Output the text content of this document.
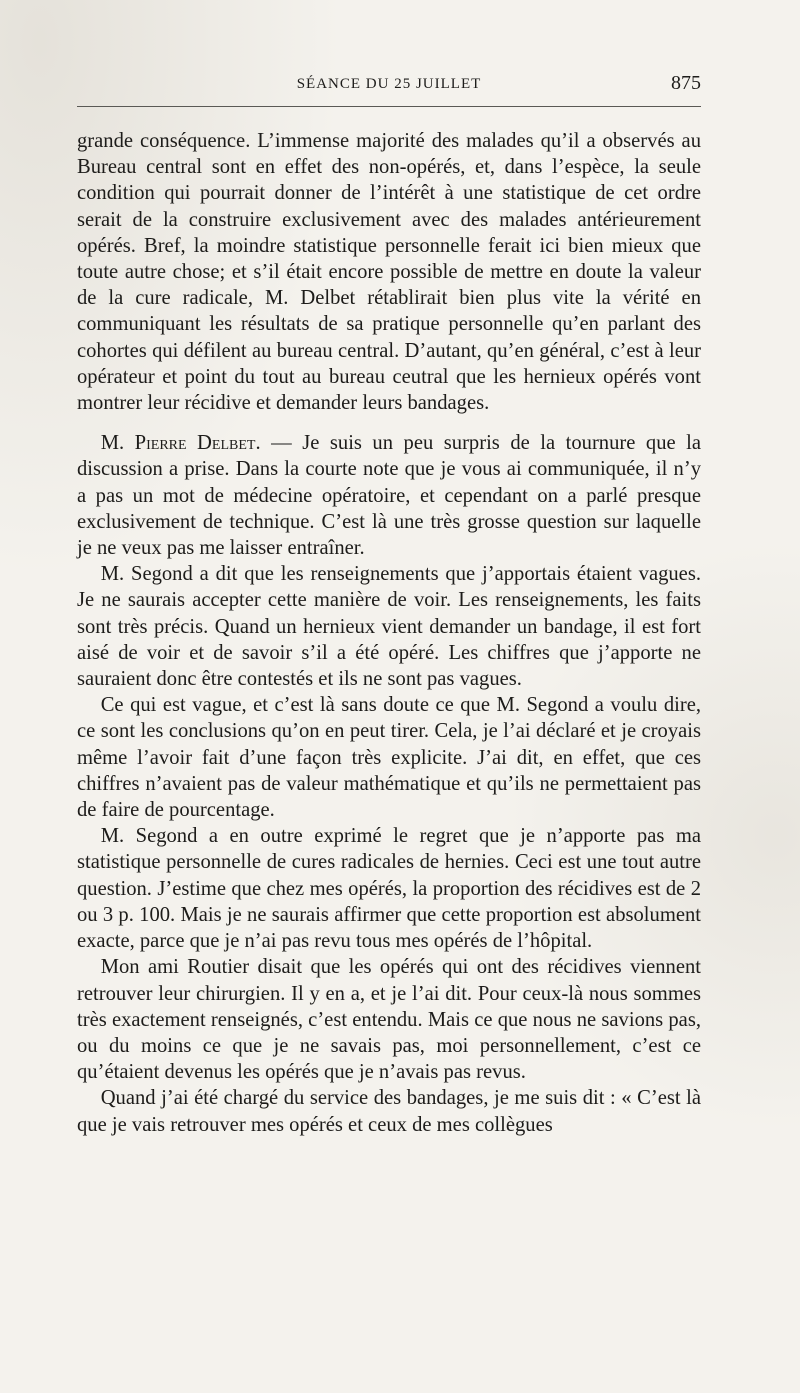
SÉANCE DU 25 JUILLET	875

grande conséquence. L’immense majorité des malades qu’il a observés au Bureau central sont en effet des non-opérés, et, dans l’espèce, la seule condition qui pourrait donner de l’intérêt à une statistique de cet ordre serait de la construire exclusivement avec des malades antérieurement opérés. Bref, la moindre statistique personnelle ferait ici bien mieux que toute autre chose; et s’il était encore possible de mettre en doute la valeur de la cure radicale, M. Delbet rétablirait bien plus vite la vérité en communiquant les résultats de sa pratique personnelle qu’en parlant des cohortes qui défilent au bureau central. D’autant, qu’en général, c’est à leur opérateur et point du tout au bureau ceutral que les hernieux opérés vont montrer leur récidive et demander leurs bandages.

M. Pierre Delbet. — Je suis un peu surpris de la tournure que la discussion a prise. Dans la courte note que je vous ai communiquée, il n’y a pas un mot de médecine opératoire, et cependant on a parlé presque exclusivement de technique. C’est là une très grosse question sur laquelle je ne veux pas me laisser entraîner.

M. Segond a dit que les renseignements que j’apportais étaient vagues. Je ne saurais accepter cette manière de voir. Les renseignements, les faits sont très précis. Quand un hernieux vient demander un bandage, il est fort aisé de voir et de savoir s’il a été opéré. Les chiffres que j’apporte ne sauraient donc être contestés et ils ne sont pas vagues.

Ce qui est vague, et c’est là sans doute ce que M. Segond a voulu dire, ce sont les conclusions qu’on en peut tirer. Cela, je l’ai déclaré et je croyais même l’avoir fait d’une façon très explicite. J’ai dit, en effet, que ces chiffres n’avaient pas de valeur mathématique et qu’ils ne permettaient pas de faire de pourcentage.

M. Segond a en outre exprimé le regret que je n’apporte pas ma statistique personnelle de cures radicales de hernies. Ceci est une tout autre question. J’estime que chez mes opérés, la proportion des récidives est de 2 ou 3 p. 100. Mais je ne saurais affirmer que cette proportion est absolument exacte, parce que je n’ai pas revu tous mes opérés de l’hôpital.

Mon ami Routier disait que les opérés qui ont des récidives viennent retrouver leur chirurgien. Il y en a, et je l’ai dit. Pour ceux-là nous sommes très exactement renseignés, c’est entendu. Mais ce que nous ne savions pas, ou du moins ce que je ne savais pas, moi personnellement, c’est ce qu’étaient devenus les opérés que je n’avais pas revus.

Quand j’ai été chargé du service des bandages, je me suis dit : « C’est là que je vais retrouver mes opérés et ceux de mes collègues
